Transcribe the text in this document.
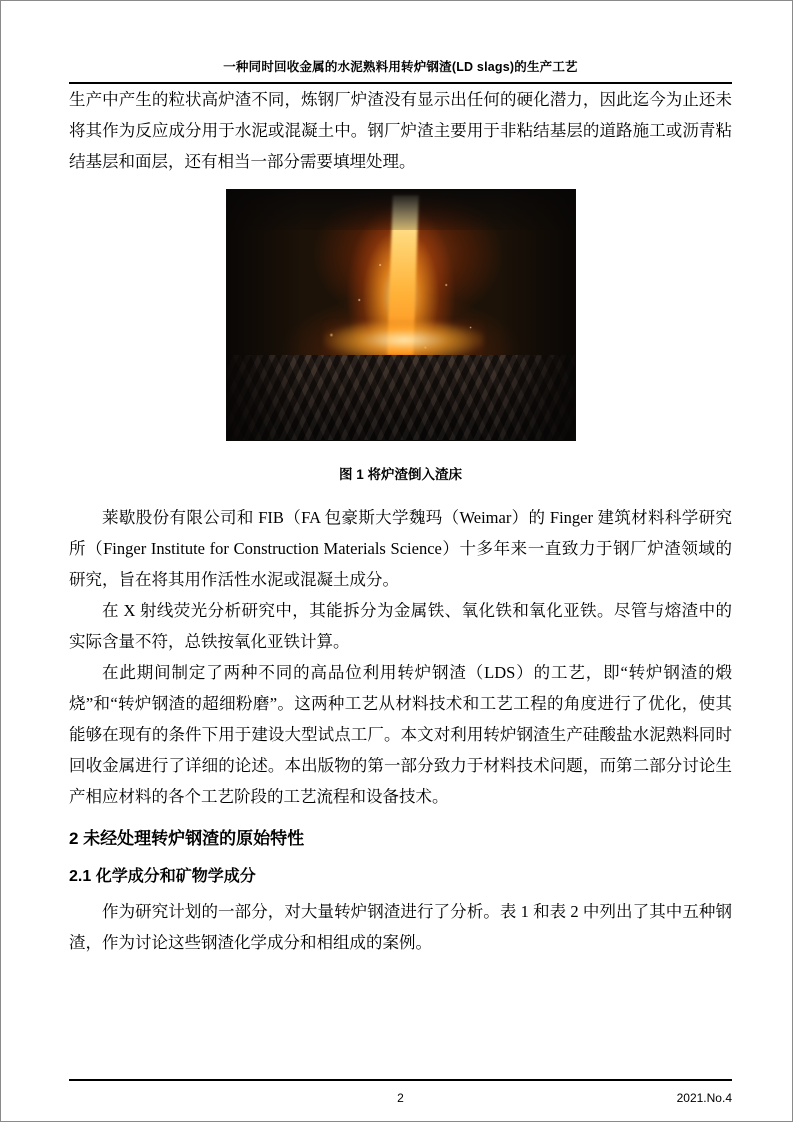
一种同时回收金属的水泥熟料用转炉钢渣(LD slags)的生产工艺

生产中产生的粒状高炉渣不同，炼钢厂炉渣没有显示出任何的硬化潜力，因此迄今为止还未将其作为反应成分用于水泥或混凝土中。钢厂炉渣主要用于非粘结基层的道路施工或沥青粘结基层和面层，还有相当一部分需要填埋处理。

图 1 将炉渣倒入渣床

莱歇股份有限公司和 FIB（FA 包豪斯大学魏玛（Weimar）的 Finger 建筑材料科学研究所（Finger Institute for Construction Materials Science）十多年来一直致力于钢厂炉渣领域的研究，旨在将其用作活性水泥或混凝土成分。

在 X 射线荧光分析研究中，其能拆分为金属铁、氧化铁和氧化亚铁。尽管与熔渣中的实际含量不符，总铁按氧化亚铁计算。

在此期间制定了两种不同的高品位利用转炉钢渣（LDS）的工艺，即“转炉钢渣的煅烧”和“转炉钢渣的超细粉磨”。这两种工艺从材料技术和工艺工程的角度进行了优化，使其能够在现有的条件下用于建设大型试点工厂。本文对利用转炉钢渣生产硅酸盐水泥熟料同时回收金属进行了详细的论述。本出版物的第一部分致力于材料技术问题，而第二部分讨论生产相应材料的各个工艺阶段的工艺流程和设备技术。

2 未经处理转炉钢渣的原始特性
2.1 化学成分和矿物学成分

作为研究计划的一部分，对大量转炉钢渣进行了分析。表 1 和表 2 中列出了其中五种钢渣，作为讨论这些钢渣化学成分和相组成的案例。

2	2021.No.4
